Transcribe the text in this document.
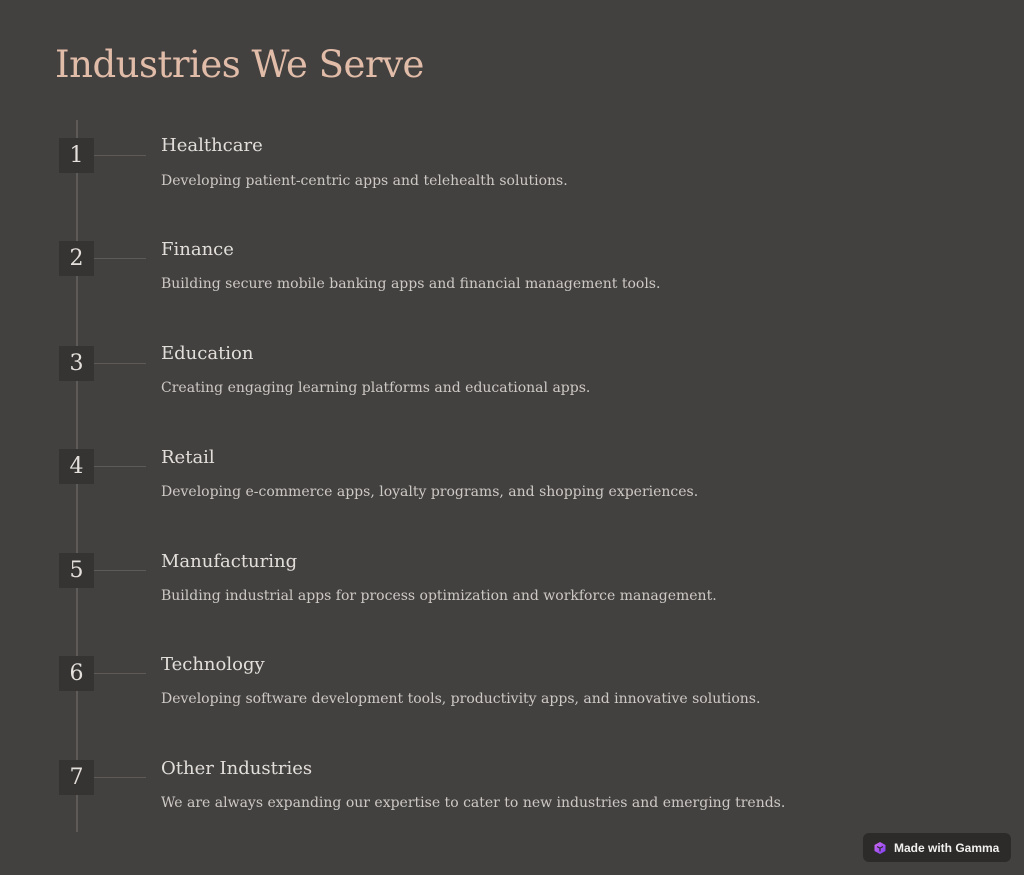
Industries We Serve
1	Healthcare

Developing patient-centric apps and telehealth solutions.

2	Finance

Building secure mobile banking apps and financial management tools.

3	Education

Creating engaging learning platforms and educational apps.

4	Retail

Developing e-commerce apps, loyalty programs, and shopping experiences.

5	Manufacturing

Building industrial apps for process optimization and workforce management.

6	Technology

Developing software development tools, productivity apps, and innovative solutions.

7	Other Industries

We are always expanding our expertise to cater to new industries and emerging trends.

Made with Gamma
